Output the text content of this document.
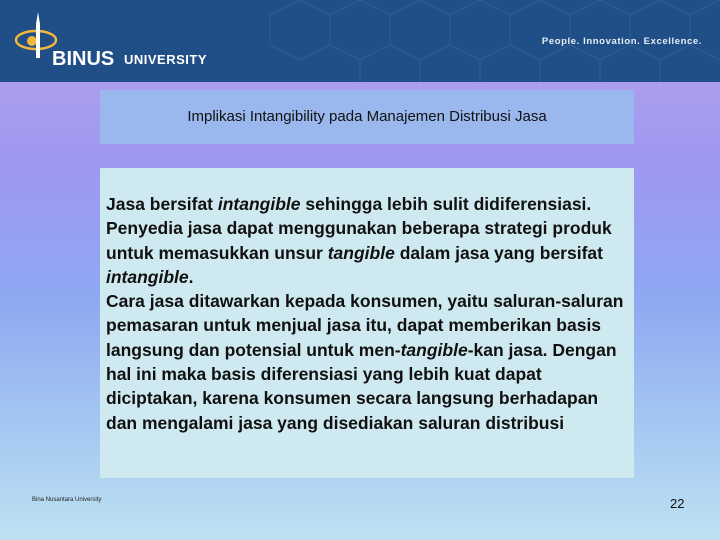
BINUS UNIVERSITY
People. Innovation. Excellence.
Implikasi Intangibility pada Manajemen Distribusi Jasa

Jasa bersifat intangible sehingga lebih sulit didiferensiasi. Penyedia jasa dapat menggunakan beberapa strategi produk untuk memasukkan unsur tangible dalam jasa yang bersifat intangible.

Cara jasa ditawarkan kepada konsumen, yaitu saluran-saluran pemasaran untuk menjual jasa itu, dapat memberikan basis langsung dan potensial untuk men-tangible-kan jasa. Dengan hal ini maka basis diferensiasi yang lebih kuat dapat diciptakan, karena konsumen secara langsung berhadapan dan mengalami jasa yang disediakan saluran distribusi

Bina Nusantara University	22
